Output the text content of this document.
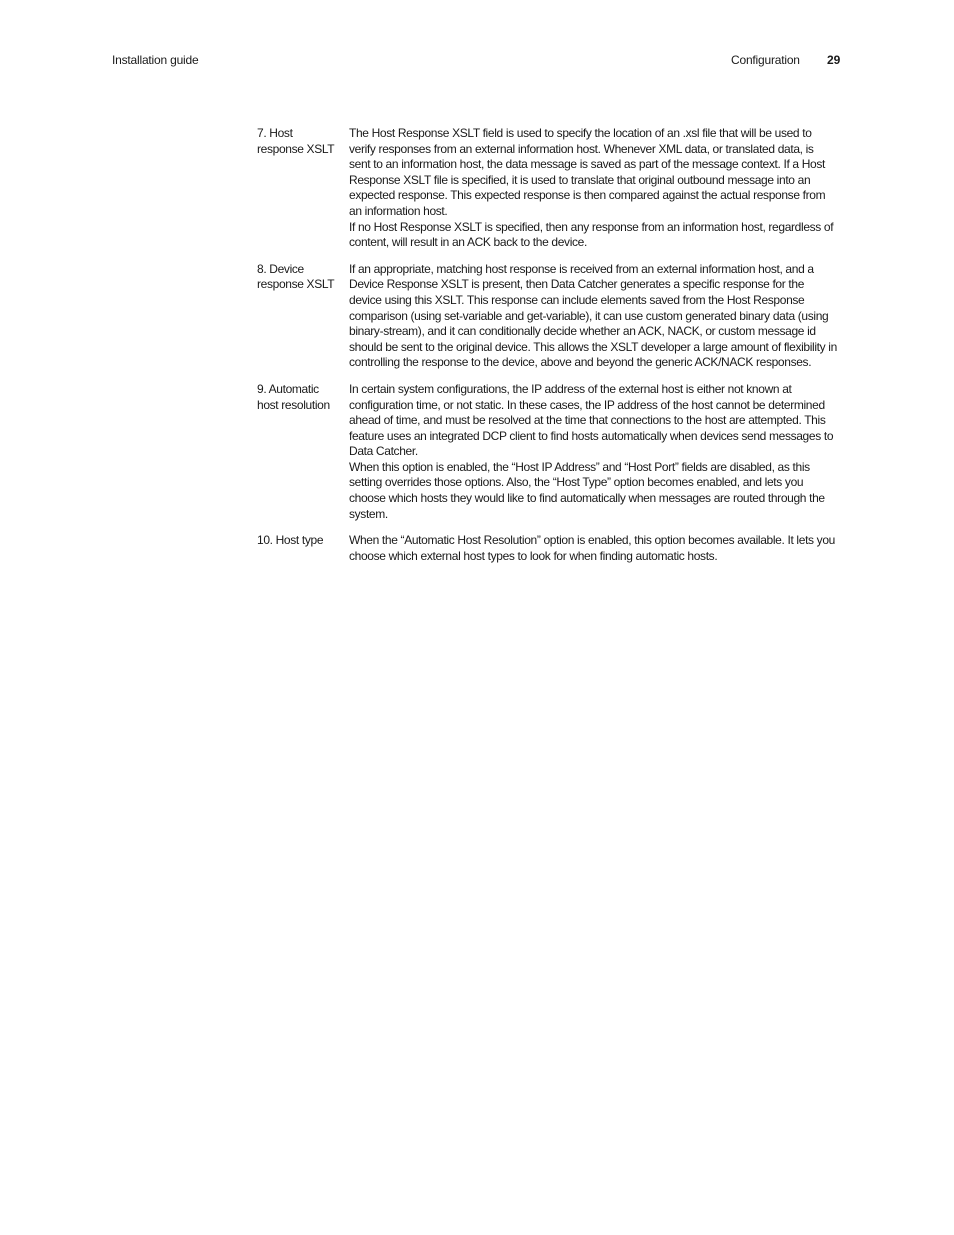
Installation guide	Configuration 29
7. Host
response XSLT

The Host Response XSLT field is used to specify the location of an .xsl file that will be used to verify responses from an external information host. Whenever XML data, or translated data, is sent to an information host, the data message is saved as part of the message context. If a Host Response XSLT file is specified, it is used to translate that original outbound message into an expected response. This expected response is then compared against the actual response from an information host.

If no Host Response XSLT is specified, then any response from an information host, regardless of content, will result in an ACK back to the device.

8. Device
response XSLT

If an appropriate, matching host response is received from an external information host, and a Device Response XSLT is present, then Data Catcher generates a specific response for the device using this XSLT. This response can include elements saved from the Host Response comparison (using set-variable and get-variable), it can use custom generated binary data (using binary-stream), and it can conditionally decide whether an ACK, NACK, or custom message id should be sent to the original device. This allows the XSLT developer a large amount of flexibility in controlling the response to the device, above and beyond the generic ACK/NACK responses.

9. Automatic
host resolution

In certain system configurations, the IP address of the external host is either not known at configuration time, or not static. In these cases, the IP address of the host cannot be determined ahead of time, and must be resolved at the time that connections to the host are attempted. This feature uses an integrated DCP client to find hosts automatically when devices send messages to Data Catcher.

When this option is enabled, the “Host IP Address” and “Host Port” fields are disabled, as this setting overrides those options. Also, the “Host Type” option becomes enabled, and lets you choose which hosts they would like to find automatically when messages are routed through the system.

10. Host type	When the “Automatic Host Resolution” option is enabled, this option becomes available. It lets you choose which external host types to look for when finding automatic hosts.
